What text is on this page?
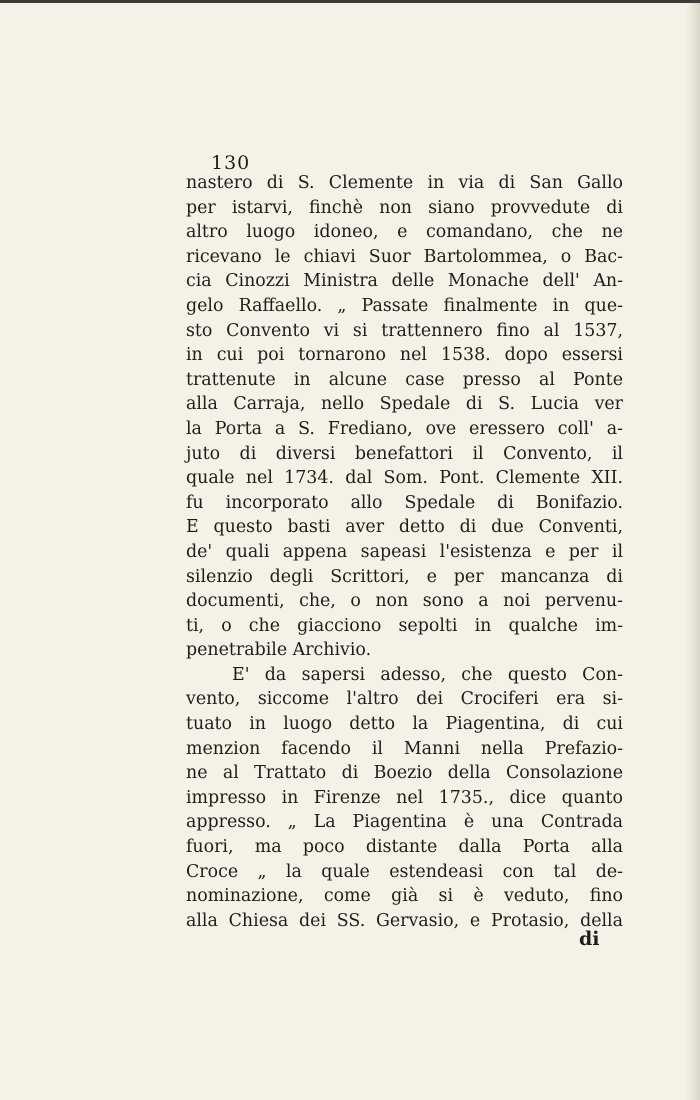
130
nastero di S. Clemente in via di San Gallo
per istarvi, finchè non siano provvedute di
altro luogo idoneo, e comandano, che ne
ricevano le chiavi Suor Bartolommea, o Bac-
cia Cinozzi Ministra delle Monache dell' An-
gelo Raffaello. „ Passate finalmente in que-
sto Convento vi si trattennero fino al 1537,
in cui poi tornarono nel 1538. dopo essersi
trattenute in alcune case presso al Ponte
alla Carraja, nello Spedale di S. Lucia ver
la Porta a S. Frediano, ove eressero coll' a-
juto di diversi benefattori il Convento, il
quale nel 1734. dal Som. Pont. Clemente XII.
fu incorporato allo Spedale di Bonifazio.
E questo basti aver detto di due Conventi,
de' quali appena sapeasi l'esistenza e per il
silenzio degli Scrittori, e per mancanza di
documenti, che, o non sono a noi pervenu-
ti, o che giacciono sepolti in qualche im-
penetrabile Archivio.
E' da sapersi adesso, che questo Con-
vento, siccome l'altro dei Crociferi era si-
tuato in luogo detto la Piagentina, di cui
menzion facendo il Manni nella Prefazio-
ne al Trattato di Boezio della Consolazione
impresso in Firenze nel 1735., dice quanto
appresso. „ La Piagentina è una Contrada
fuori, ma poco distante dalla Porta alla
Croce „ la quale estendeasi con tal de-
nominazione, come già si è veduto, fino
alla Chiesa dei SS. Gervasio, e Protasio, della
di
